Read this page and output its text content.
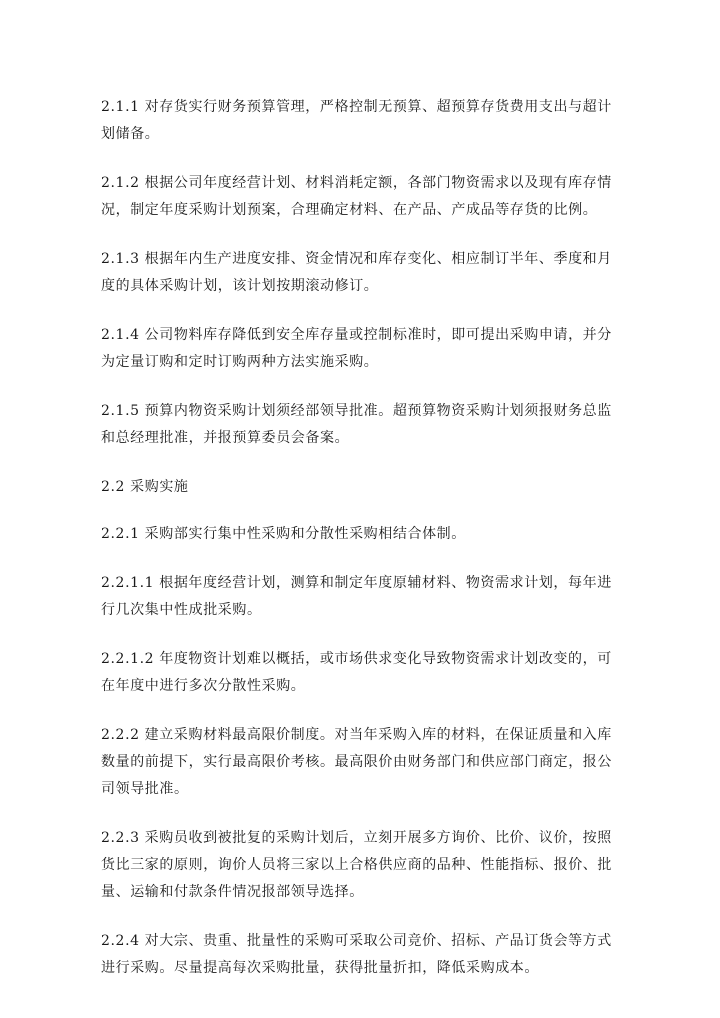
2.1.1 对存货实行财务预算管理，严格控制无预算、超预算存货费用支出与超计划储备。

2.1.2 根据公司年度经营计划、材料消耗定额，各部门物资需求以及现有库存情况，制定年度采购计划预案，合理确定材料、在产品、产成品等存货的比例。

2.1.3 根据年内生产进度安排、资金情况和库存变化、相应制订半年、季度和月度的具体采购计划，该计划按期滚动修订。

2.1.4 公司物料库存降低到安全库存量或控制标准时，即可提出采购申请，并分为定量订购和定时订购两种方法实施采购。

2.1.5 预算内物资采购计划须经部领导批准。超预算物资采购计划须报财务总监和总经理批准，并报预算委员会备案。

2.2 采购实施

2.2.1 采购部实行集中性采购和分散性采购相结合体制。

2.2.1.1 根据年度经营计划，测算和制定年度原辅材料、物资需求计划，每年进行几次集中性成批采购。

2.2.1.2 年度物资计划难以概括，或市场供求变化导致物资需求计划改变的，可在年度中进行多次分散性采购。

2.2.2 建立采购材料最高限价制度。对当年采购入库的材料，在保证质量和入库数量的前提下，实行最高限价考核。最高限价由财务部门和供应部门商定，报公司领导批准。

2.2.3 采购员收到被批复的采购计划后，立刻开展多方询价、比价、议价，按照货比三家的原则，询价人员将三家以上合格供应商的品种、性能指标、报价、批量、运输和付款条件情况报部领导选择。

2.2.4 对大宗、贵重、批量性的采购可采取公司竞价、招标、产品订货会等方式进行采购。尽量提高每次采购批量，获得批量折扣，降低采购成本。
